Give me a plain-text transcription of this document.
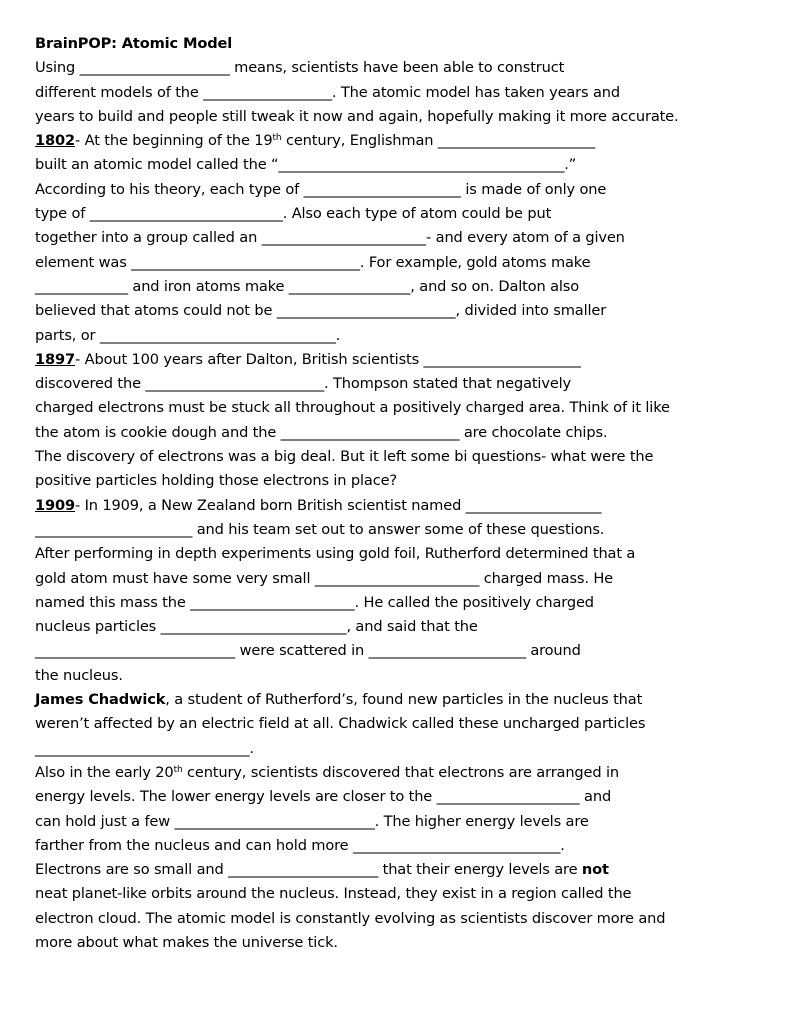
BrainPOP: Atomic Model
Using _____________________ means, scientists have been able to construct
different models of the __________________. The atomic model has taken years and
years to build and people still tweak it now and again, hopefully making it more accurate.
1802- At the beginning of the 19th century, Englishman ______________________
built an atomic model called the “________________________________________.”
According to his theory, each type of ______________________ is made of only one
type of ___________________________. Also each type of atom could be put
together into a group called an _______________________- and every atom of a given
element was ________________________________. For example, gold atoms make
_____________ and iron atoms make _________________, and so on. Dalton also
believed that atoms could not be _________________________, divided into smaller
parts, or _________________________________.
1897- About 100 years after Dalton, British scientists ______________________
discovered the _________________________. Thompson stated that negatively
charged electrons must be stuck all throughout a positively charged area. Think of it like
the atom is cookie dough and the _________________________ are chocolate chips.
The discovery of electrons was a big deal. But it left some bi questions- what were the
positive particles holding those electrons in place?
1909- In 1909, a New Zealand born British scientist named ___________________
______________________ and his team set out to answer some of these questions.
After performing in depth experiments using gold foil, Rutherford determined that a
gold atom must have some very small _______________________ charged mass. He
named this mass the _______________________. He called the positively charged
nucleus particles __________________________, and said that the
____________________________ were scattered in ______________________ around
the nucleus.
James Chadwick, a student of Rutherford’s, found new particles in the nucleus that
weren’t affected by an electric field at all. Chadwick called these uncharged particles
______________________________.
Also in the early 20th century, scientists discovered that electrons are arranged in
energy levels. The lower energy levels are closer to the ____________________ and
can hold just a few ____________________________. The higher energy levels are
farther from the nucleus and can hold more _____________________________.
Electrons are so small and _____________________ that their energy levels are not
neat planet-like orbits around the nucleus. Instead, they exist in a region called the
electron cloud. The atomic model is constantly evolving as scientists discover more and
more about what makes the universe tick.
